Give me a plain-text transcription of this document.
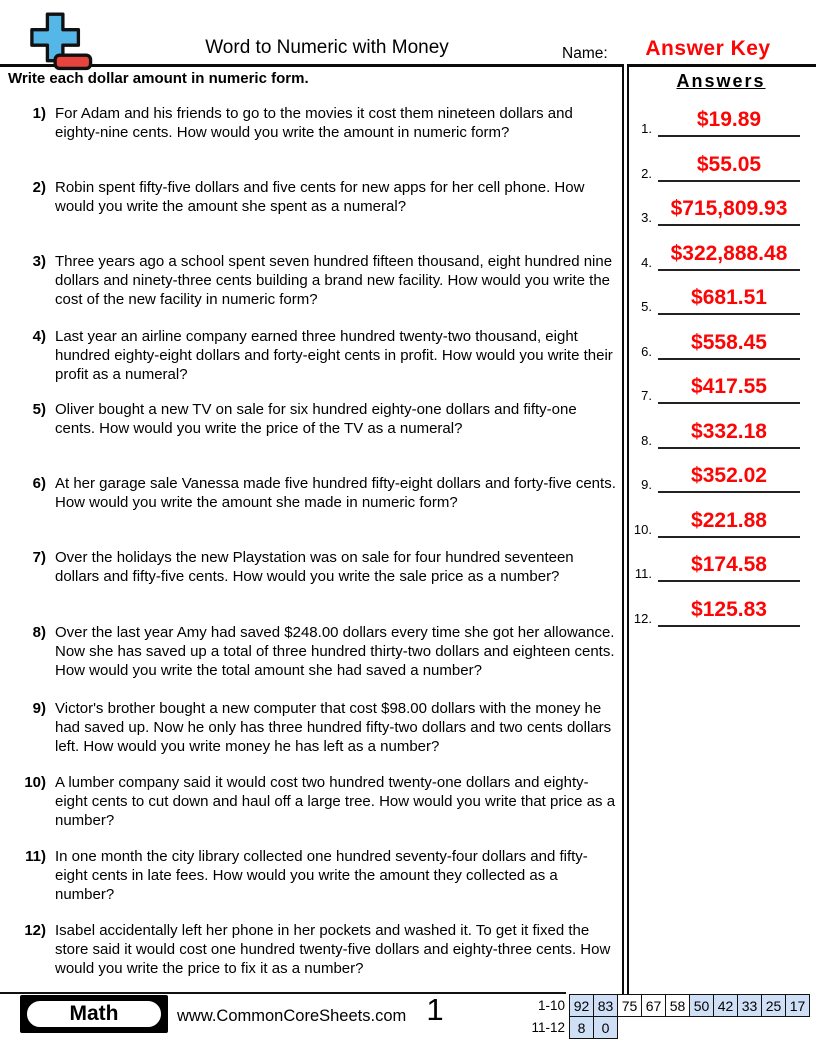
Word to Numeric with Money	Name:	Answer Key
Write each dollar amount in numeric form.
1) For Adam and his friends to go to the movies it cost them nineteen dollars and eighty-nine cents. How would you write the amount in numeric form?
2) Robin spent fifty-five dollars and five cents for new apps for her cell phone. How would you write the amount she spent as a numeral?
3) Three years ago a school spent seven hundred fifteen thousand, eight hundred nine dollars and ninety-three cents building a brand new facility. How would you write the cost of the new facility in numeric form?
4) Last year an airline company earned three hundred twenty-two thousand, eight hundred eighty-eight dollars and forty-eight cents in profit. How would you write their profit as a numeral?
5) Oliver bought a new TV on sale for six hundred eighty-one dollars and fifty-one cents. How would you write the price of the TV as a numeral?
6) At her garage sale Vanessa made five hundred fifty-eight dollars and forty-five cents. How would you write the amount she made in numeric form?
7) Over the holidays the new Playstation was on sale for four hundred seventeen dollars and fifty-five cents. How would you write the sale price as a number?
8) Over the last year Amy had saved $248.00 dollars every time she got her allowance. Now she has saved up a total of three hundred thirty-two dollars and eighteen cents. How would you write the total amount she had saved a number?
9) Victor's brother bought a new computer that cost $98.00 dollars with the money he had saved up. Now he only has three hundred fifty-two dollars and two cents dollars left. How would you write money he has left as a number?
10) A lumber company said it would cost two hundred twenty-one dollars and eighty-eight cents to cut down and haul off a large tree. How would you write that price as a number?
11) In one month the city library collected one hundred seventy-four dollars and fifty-eight cents in late fees. How would you write the amount they collected as a number?
12) Isabel accidentally left her phone in her pockets and washed it. To get it fixed the store said it would cost one hundred twenty-five dollars and eighty-three cents. How would you write the price to fix it as a number?
Answers
1.	$19.89
2.	$55.05
3. $715,809.93
4. $322,888.48
5.	$681.51
6.	$558.45
7.	$417.55
8.	$332.18
9.	$352.02
10.	$221.88
11.	$174.58
12.	$125.83
Math	www.CommonCoreSheets.com 1	1-10	92	83	75	67	58	50	42	33	25	17
11-12	8	0								
